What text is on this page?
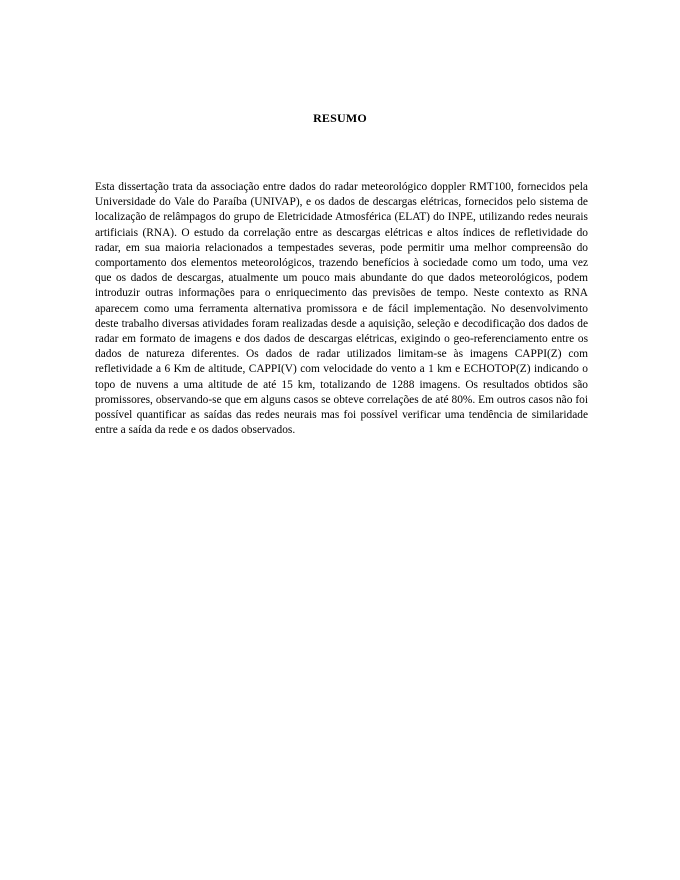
RESUMO

Esta dissertação trata da associação entre dados do radar meteorológico doppler RMT100, fornecidos pela Universidade do Vale do Paraíba (UNIVAP), e os dados de descargas elétricas, fornecidos pelo sistema de localização de relâmpagos do grupo de Eletricidade Atmosférica (ELAT) do INPE, utilizando redes neurais artificiais (RNA). O estudo da correlação entre as descargas elétricas e altos índices de refletividade do radar, em sua maioria relacionados a tempestades severas, pode permitir uma melhor compreensão do comportamento dos elementos meteorológicos, trazendo benefícios à sociedade como um todo, uma vez que os dados de descargas, atualmente um pouco mais abundante do que dados meteorológicos, podem introduzir outras informações para o enriquecimento das previsões de tempo. Neste contexto as RNA aparecem como uma ferramenta alternativa promissora e de fácil implementação. No desenvolvimento deste trabalho diversas atividades foram realizadas desde a aquisição, seleção e decodificação dos dados de radar em formato de imagens e dos dados de descargas elétricas, exigindo o geo-referenciamento entre os dados de natureza diferentes. Os dados de radar utilizados limitam-se às imagens CAPPI(Z) com refletividade a 6 Km de altitude, CAPPI(V) com velocidade do vento a 1 km e ECHOTOP(Z) indicando o topo de nuvens a uma altitude de até 15 km, totalizando de 1288 imagens. Os resultados obtidos são promissores, observando-se que em alguns casos se obteve correlações de até 80%. Em outros casos não foi possível quantificar as saídas das redes neurais mas foi possível verificar uma tendência de similaridade entre a saída da rede e os dados observados.
